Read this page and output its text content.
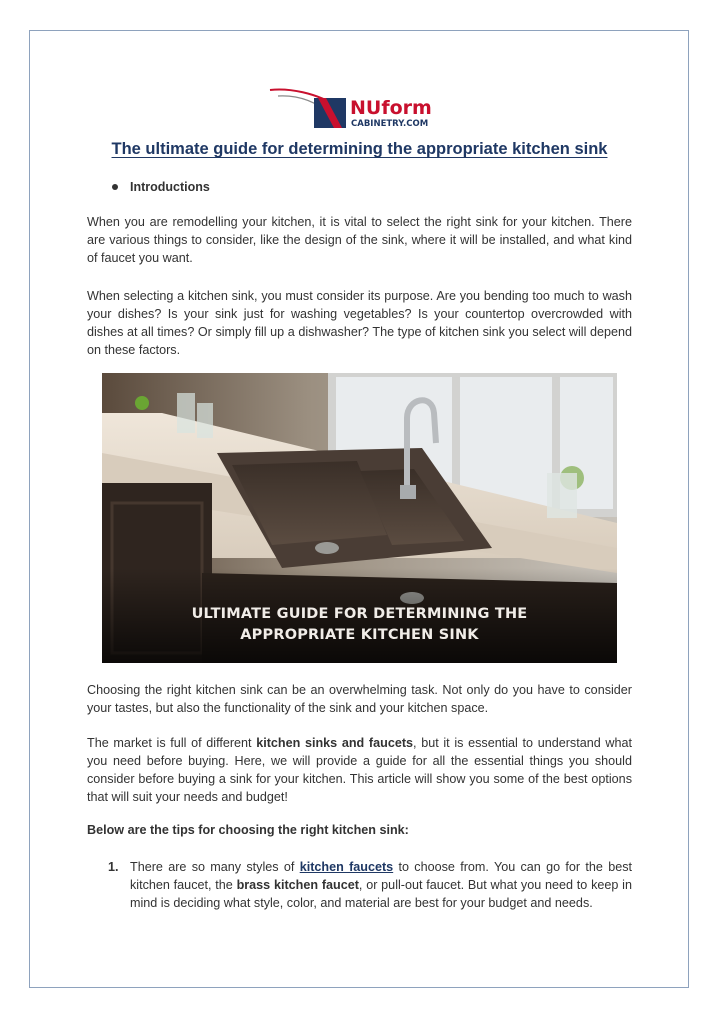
NUform
CABINETRY.COM
The ultimate guide for determining the appropriate kitchen sink
Introductions

When you are remodelling your kitchen, it is vital to select the right sink for your kitchen. There are various things to consider, like the design of the sink, where it will be installed, and what kind of faucet you want.

When selecting a kitchen sink, you must consider its purpose. Are you bending too much to wash your dishes? Is your sink just for washing vegetables? Is your countertop overcrowded with dishes at all times? Or simply fill up a dishwasher? The type of kitchen sink you select will depend on these factors.

ULTIMATE GUIDE FOR DETERMINING THE
APPROPRIATE KITCHEN SINK

Choosing the right kitchen sink can be an overwhelming task. Not only do you have to consider your tastes, but also the functionality of the sink and your kitchen space.

The market is full of different kitchen sinks and faucets, but it is essential to understand what you need before buying. Here, we will provide a guide for all the essential things you should consider before buying a sink for your kitchen. This article will show you some of the best options that will suit your needs and budget!

Below are the tips for choosing the right kitchen sink:

1. There are so many styles of kitchen faucets to choose from. You can go for the best kitchen faucet, the brass kitchen faucet, or pull-out faucet. But what you need to keep in mind is deciding what style, color, and material are best for your budget and needs.
